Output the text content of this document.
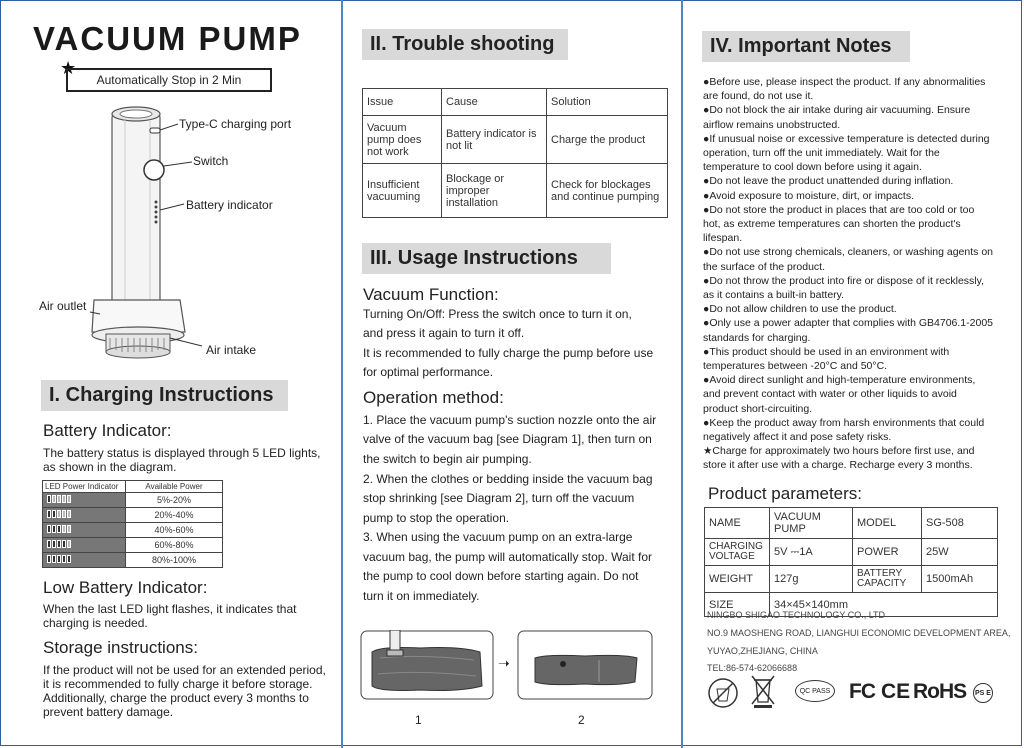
VACUUM PUMP
★
Automatically Stop in 2 Min
Type-C charging port
Switch
Battery indicator
Air outlet
Air intake
I. Charging Instructions
Battery Indicator:
The battery status is displayed through 5 LED lights,
as shown in the diagram.
LED Power Indicator	Available Power
	5%-20%
	20%-40%
	40%-60%
	60%-80%
	80%-100%
Low Battery Indicator:
When the last LED light flashes, it indicates that
charging is needed.
Storage instructions:
If the product will not be used for an extended period,
it is recommended to fully charge it before storage.
Additionally, charge the product every 3 months to
prevent battery damage.
II. Trouble shooting
Issue	Cause	Solution
Vacuum pump does not work	Battery indicator is not lit	Charge the product
Insufficient vacuuming	Blockage or improper installation	Check for blockages and continue pumping
III. Usage Instructions
Vacuum Function:
Turning On/Off: Press the switch once to turn it on,
and press it again to turn it off.
It is recommended to fully charge the pump before use
for optimal performance.
Operation method:
1. Place the vacuum pump's suction nozzle onto the air
valve of the vacuum bag [see Diagram 1], then turn on
the switch to begin air pumping.
2. When the clothes or bedding inside the vacuum bag
stop shrinking [see Diagram 2], turn off the vacuum
pump to stop the operation.
3. When using the vacuum pump on an extra-large
vacuum bag, the pump will automatically stop. Wait for
the pump to cool down before starting again. Do not
turn it on immediately.
➝
1	2
IV. Important Notes
●Before use, please inspect the product. If any abnormalities
are found, do not use it.
●Do not block the air intake during air vacuuming. Ensure
airflow remains unobstructed.
●If unusual noise or excessive temperature is detected during
operation, turn off the unit immediately. Wait for the
temperature to cool down before using it again.
●Do not leave the product unattended during inflation.
●Avoid exposure to moisture, dirt, or impacts.
●Do not store the product in places that are too cold or too
hot, as extreme temperatures can shorten the product's
lifespan.
●Do not use strong chemicals, cleaners, or washing agents on
the surface of the product.
●Do not throw the product into fire or dispose of it recklessly,
as it contains a built-in battery.
●Do not allow children to use the product.
●Only use a power adapter that complies with GB4706.1-2005
standards for charging.
●This product should be used in an environment with
temperatures between -20°C and 50°C.
●Avoid direct sunlight and high-temperature environments,
and prevent contact with water or other liquids to avoid
product short-circuiting.
●Keep the product away from harsh environments that could
negatively affect it and pose safety risks.
★Charge for approximately two hours before first use, and
store it after use with a charge. Recharge every 3 months.
Product parameters:
NAME	VACUUM PUMP	MODEL	SG-508
CHARGING VOLTAGE	5V ⎓1A	POWER	25W
WEIGHT	127g	BATTERY CAPACITY	1500mAh
SIZE	34×45×140mm		
NINGBO SHIGAO TECHNOLOGY CO., LTD
NO.9 MAOSHENG ROAD, LIANGHUI ECONOMIC DEVELOPMENT AREA,
YUYAO,ZHEJIANG, CHINA
TEL:86-574-62066688
QC PASS FC CE RoHS PS E
